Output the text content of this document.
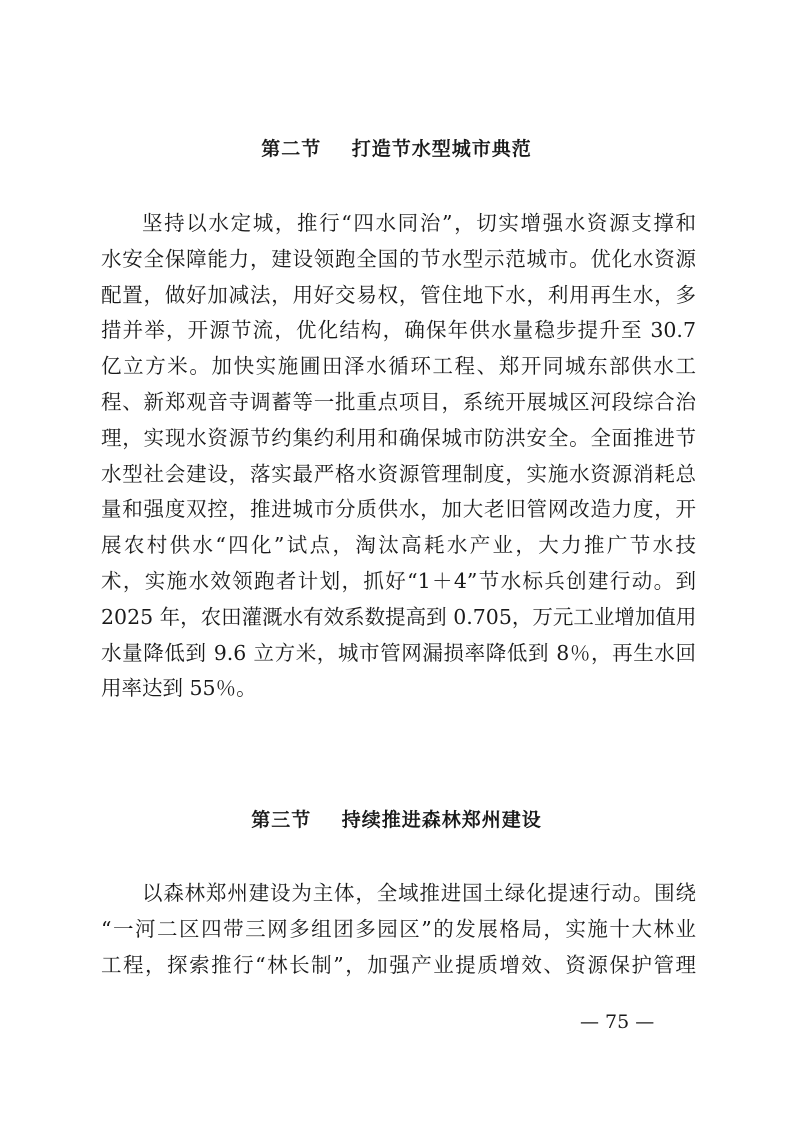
第二节    打造节水型城市典范
坚持以水定城，推行“四水同治”，切实增强水资源支撑和
水安全保障能力，建设领跑全国的节水型示范城市。优化水资源
配置，做好加减法，用好交易权，管住地下水，利用再生水，多
措并举，开源节流，优化结构，确保年供水量稳步提升至 30.7
亿立方米。加快实施圃田泽水循环工程、郑开同城东部供水工
程、新郑观音寺调蓄等一批重点项目，系统开展城区河段综合治
理，实现水资源节约集约利用和确保城市防洪安全。全面推进节
水型社会建设，落实最严格水资源管理制度，实施水资源消耗总
量和强度双控，推进城市分质供水，加大老旧管网改造力度，开
展农村供水“四化”试点，淘汰高耗水产业，大力推广节水技
术，实施水效领跑者计划，抓好“1＋4”节水标兵创建行动。到
2025 年，农田灌溉水有效系数提高到 0.705，万元工业增加值用
水量降低到 9.6 立方米，城市管网漏损率降低到 8％，再生水回
用率达到 55％。
第三节    持续推进森林郑州建设
以森林郑州建设为主体，全域推进国土绿化提速行动。围绕
“一河二区四带三网多组团多园区”的发展格局，实施十大林业
工程，探索推行“林长制”，加强产业提质增效、资源保护管理
— 75 —
